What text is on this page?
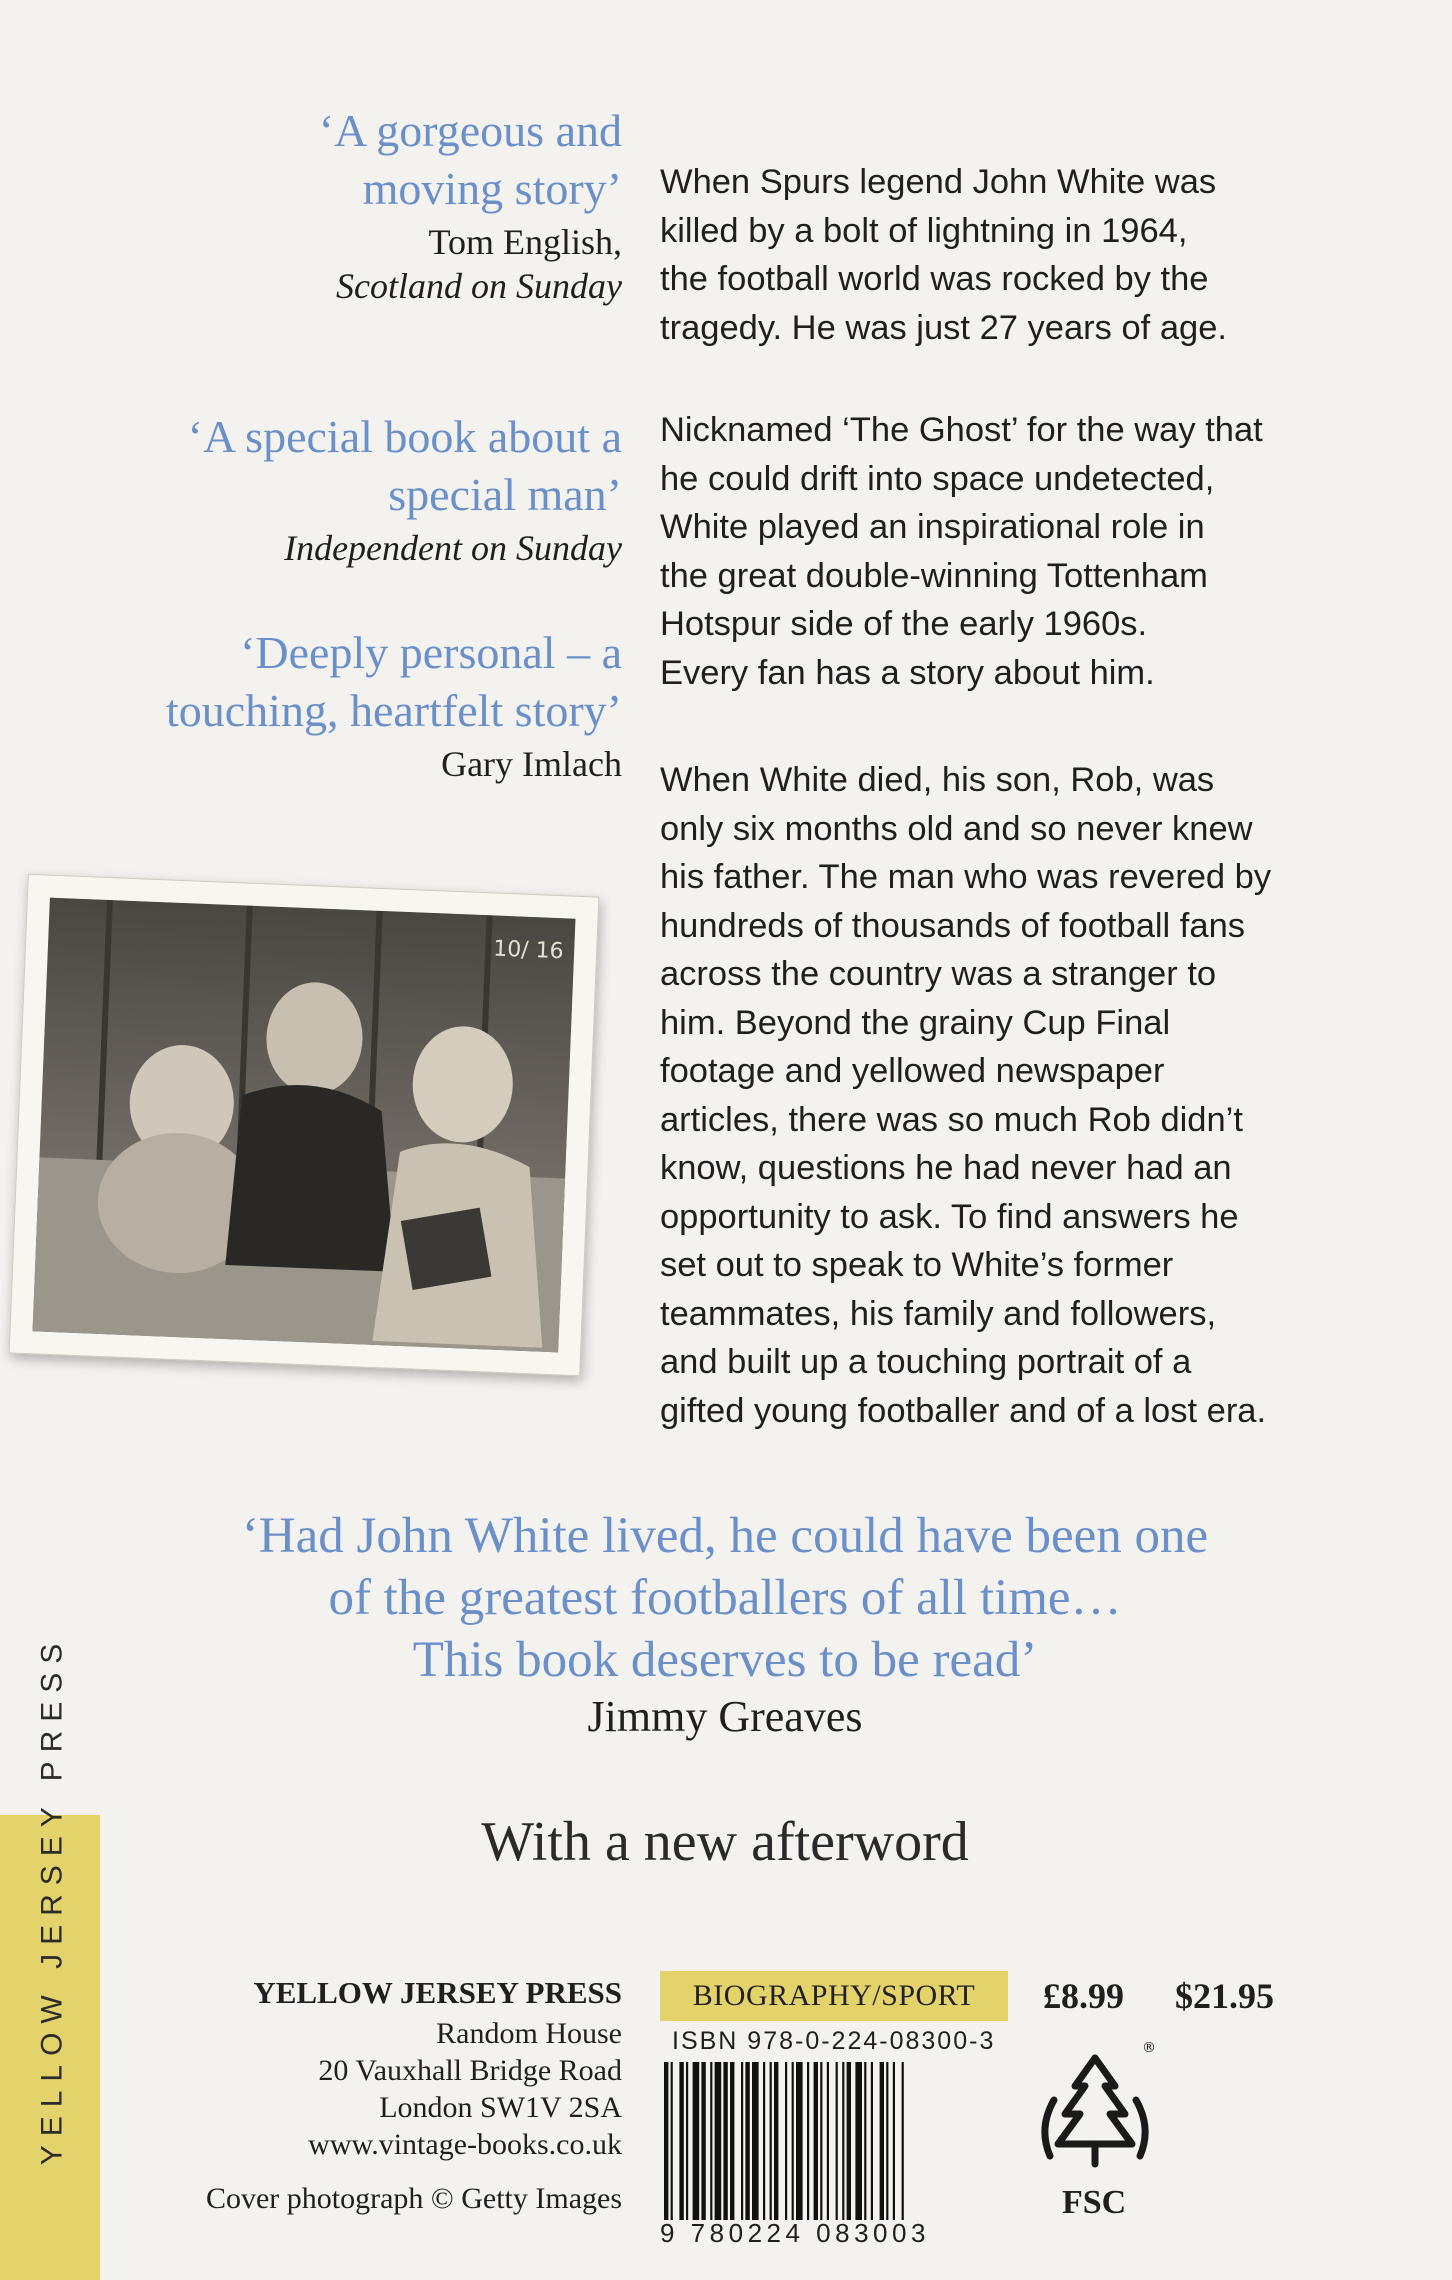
‘A gorgeous and
moving story’
Tom English,
Scotland on Sunday
‘A special book about a
special man’
Independent on Sunday
‘Deeply personal – a
touching, heartfelt story’
Gary Imlach
When Spurs legend John White was
killed by a bolt of lightning in 1964,
the football world was rocked by the
tragedy. He was just 27 years of age.
Nicknamed ‘The Ghost’ for the way that
he could drift into space undetected,
White played an inspirational role in
the great double-winning Tottenham
Hotspur side of the early 1960s.
Every fan has a story about him.
When White died, his son, Rob, was
only six months old and so never knew
his father. The man who was revered by
hundreds of thousands of football fans
across the country was a stranger to
him. Beyond the grainy Cup Final
footage and yellowed newspaper
articles, there was so much Rob didn’t
know, questions he had never had an
opportunity to ask. To find answers he
set out to speak to White’s former
teammates, his family and followers,
and built up a touching portrait of a
gifted young footballer and of a lost era.
10/ 16
‘Had John White lived, he could have been one
of the greatest footballers of all time…
This book deserves to be read’
Jimmy Greaves
With a new afterword
YELLOW JERSEY PRESS	YELLOW JERSEY PRESS
Random House
20 Vauxhall Bridge Road
London SW1V 2SA
www.vintage-books.co.uk
Cover photograph © Getty Images
BIOGRAPHY/SPORT	£8.99 $21.95
ISBN 978-0-224-08300-3
9 780224 083003
®
FSC
